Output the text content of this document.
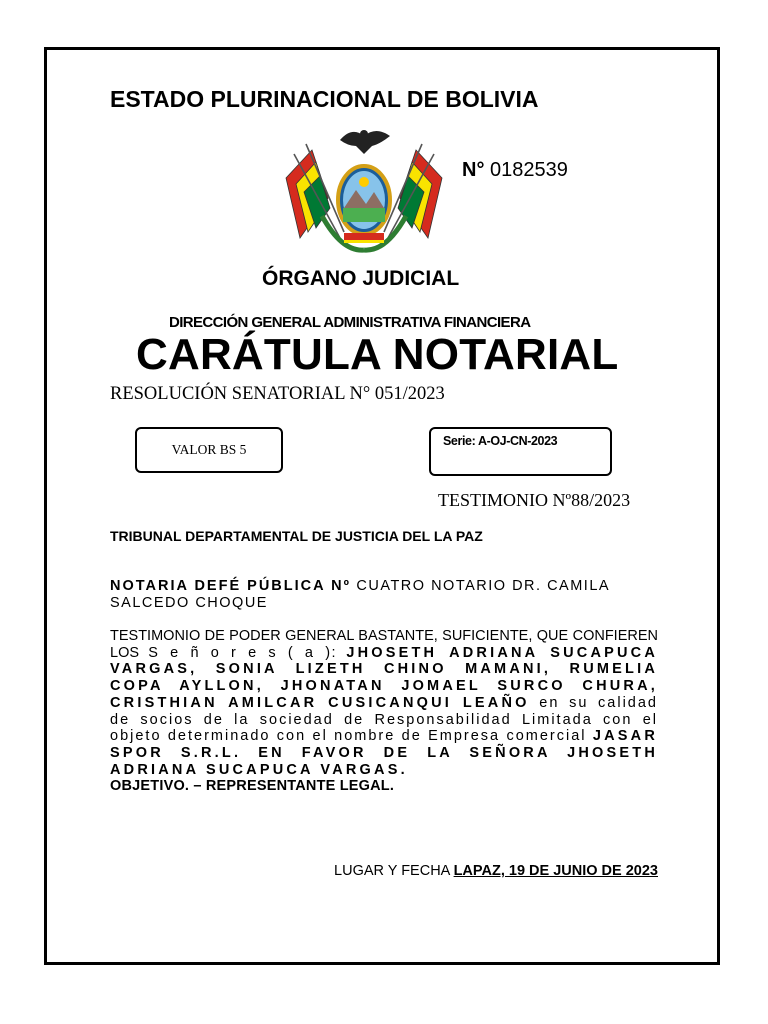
ESTADO PLURINACIONAL DE BOLIVIA
N° 0182539
ÓRGANO JUDICIAL
DIRECCIÓN GENERAL ADMINISTRATIVA FINANCIERA
CARÁTULA NOTARIAL
RESOLUCIÓN SENATORIAL N° 051/2023
VALOR BS 5
Serie: A-OJ-CN-2023
TESTIMONIO Nº88/2023
TRIBUNAL DEPARTAMENTAL DE JUSTICIA DEL LA PAZ
NOTARIA DEFÉ PÚBLICA Nº CUATRO NOTARIO DR. CAMILA SALCEDO CHOQUE
TESTIMONIO DE PODER GENERAL BASTANTE, SUFICIENTE, QUE CONFIEREN LOS S e ñ o r e s ( a ): JHOSETH ADRIANA SUCAPUCA VARGAS, SONIA LIZETH CHINO MAMANI, RUMELIA COPA AYLLON, JHONATAN JOMAEL SURCO CHURA, CRISTHIAN AMILCAR CUSICANQUI LEAÑO en su calidad de socios de la sociedad de Responsabilidad Limitada con el objeto determinado con el nombre de Empresa comercial JASAR SPOR S.R.L. EN FAVOR DE LA SEÑORA JHOSETH ADRIANA SUCAPUCA VARGAS.
OBJETIVO. – REPRESENTANTE LEGAL.
LUGAR Y FECHA LAPAZ, 19 DE JUNIO DE 2023
